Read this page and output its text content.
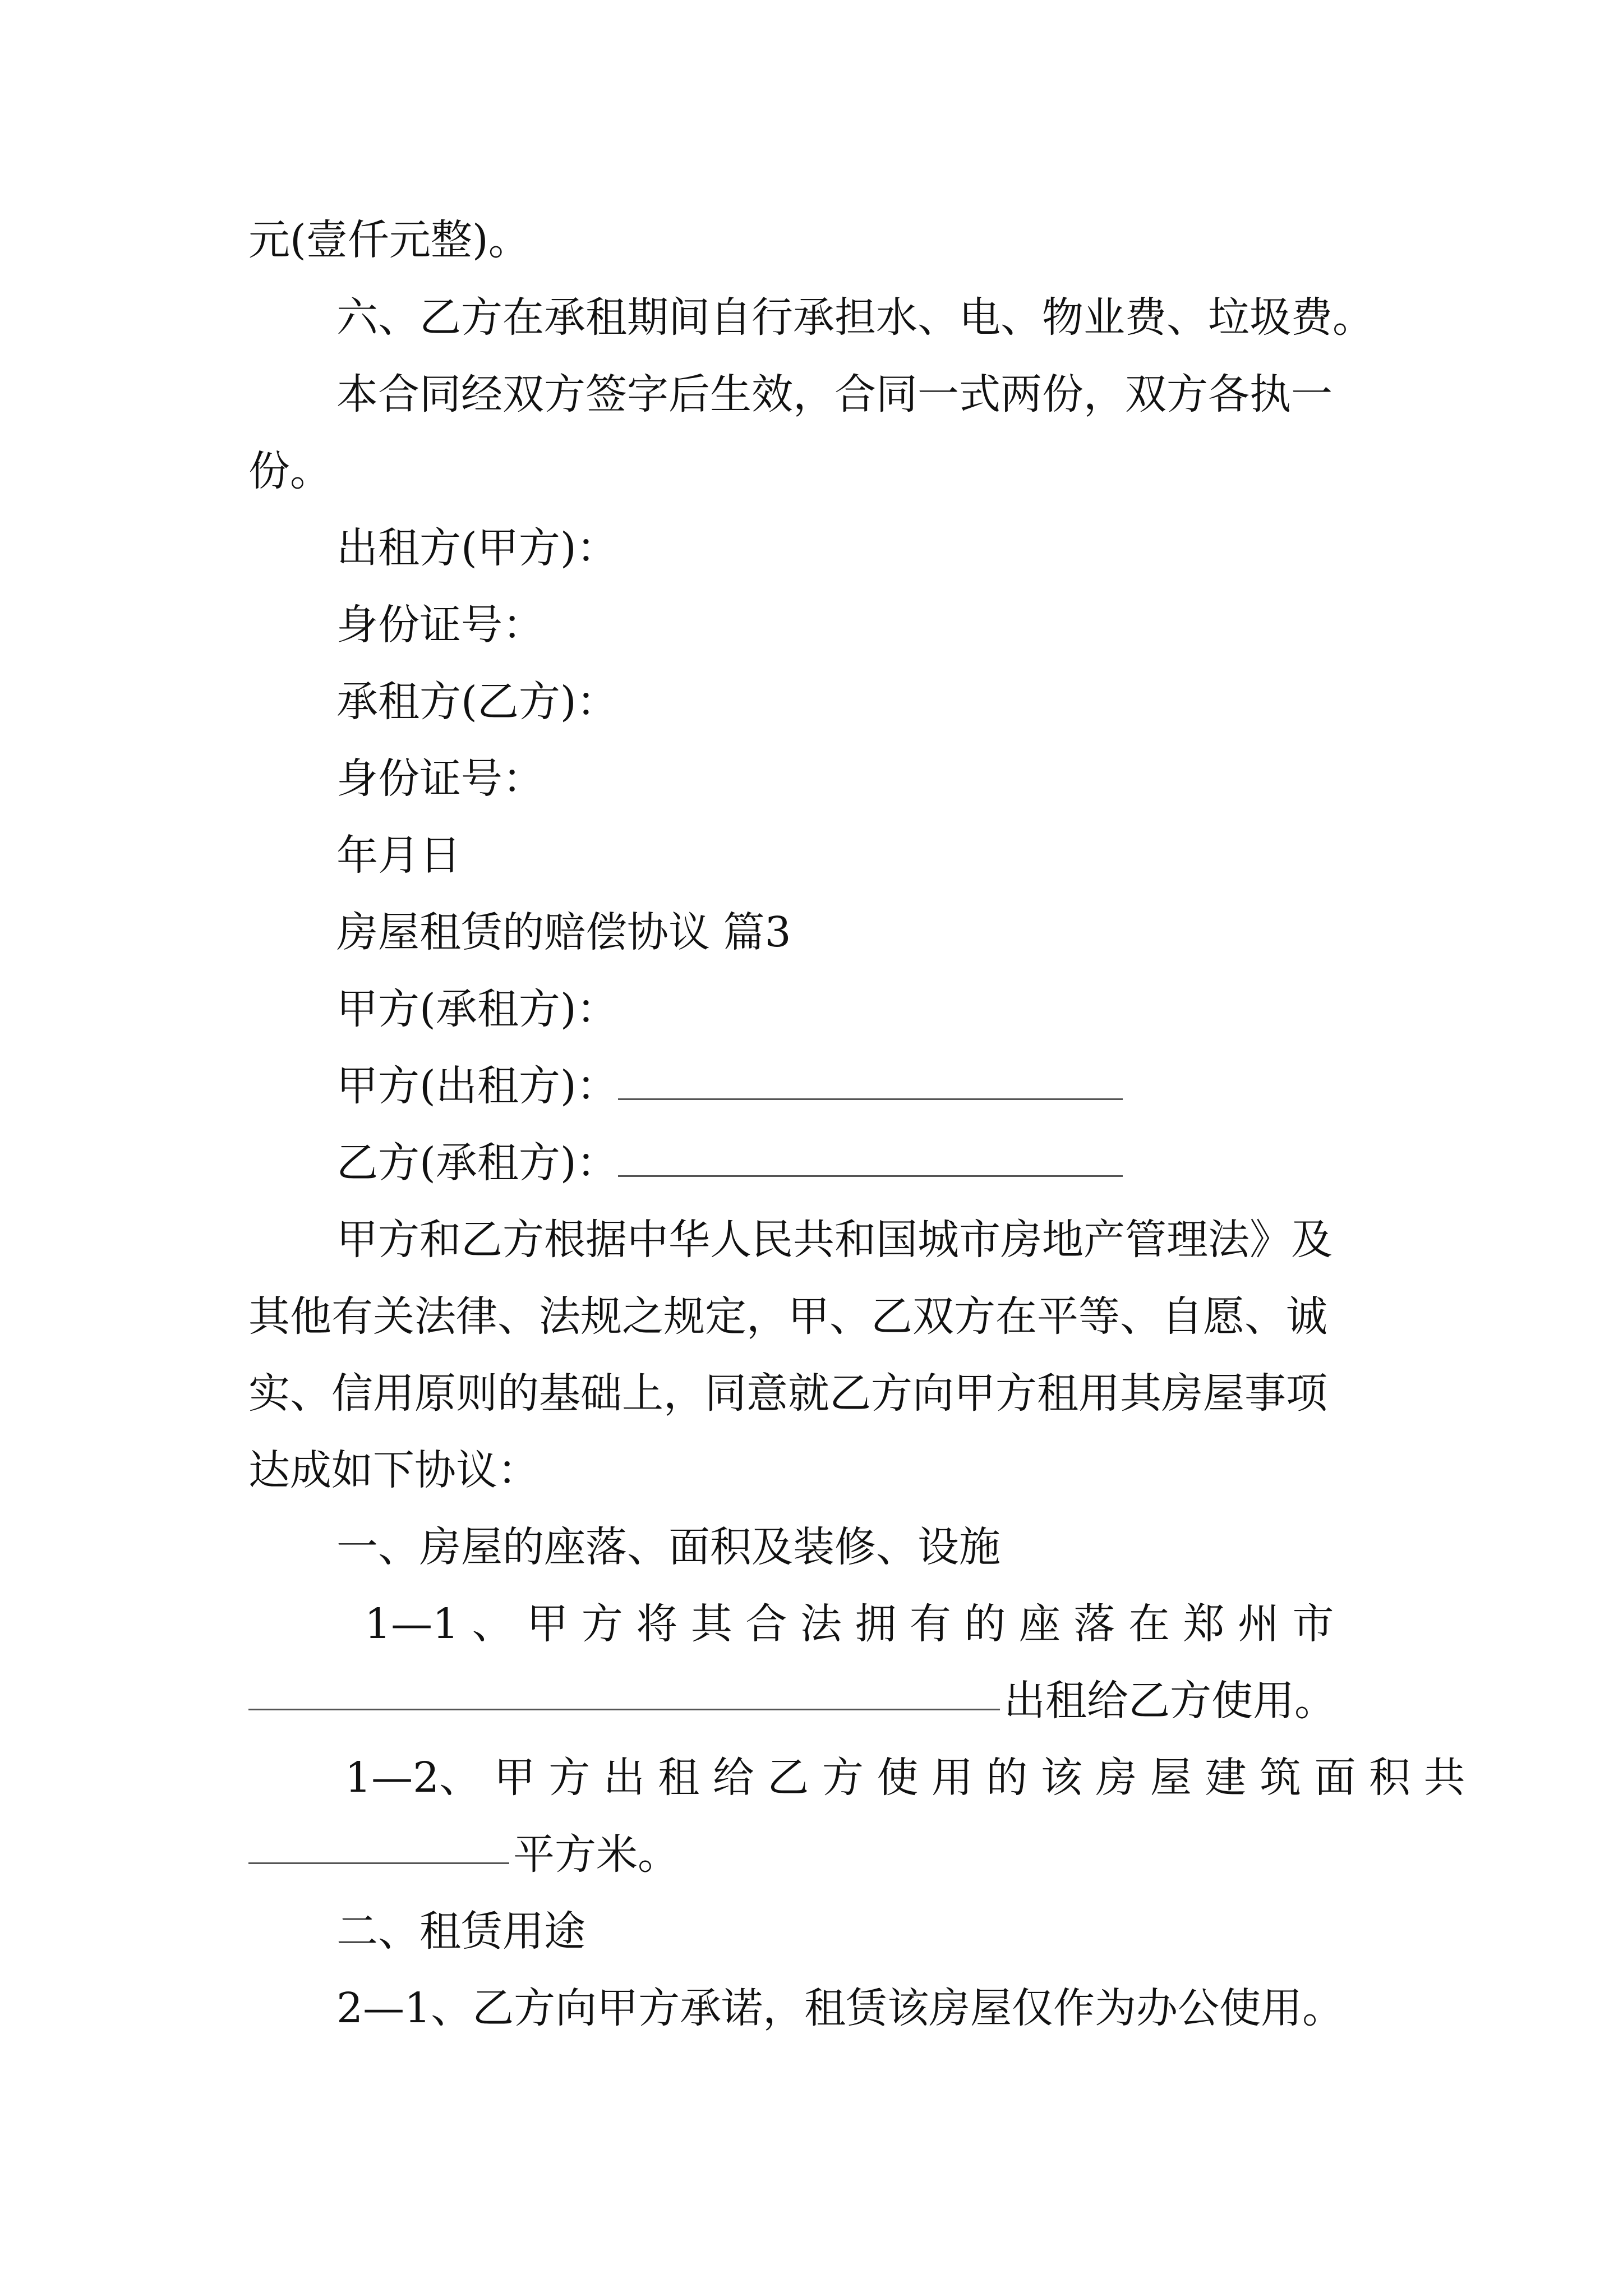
元(壹仟元整)。
六、乙方在承租期间自行承担水、电、物业费、垃圾费。
本合同经双方签字后生效，合同一式两份，双方各执一
份。
出租方(甲方)：
身份证号：
承租方(乙方)：
身份证号：
年月日
房屋租赁的赔偿协议 篇3
甲方(承租方)：
甲方(出租方)：
乙方(承租方)：
甲方和乙方根据中华人民共和国城市房地产管理法》及
其他有关法律、法规之规定，甲、乙双方在平等、自愿、诚
实、信用原则的基础上，同意就乙方向甲方租用其房屋事项
达成如下协议：
一、房屋的座落、面积及装修、设施
1—1 、 甲 方 将 其 合 法 拥 有 的 座 落 在 郑 州 市
出租给乙方使用。
1—2、 甲 方 出 租 给 乙 方 使 用 的 该 房 屋 建 筑 面 积 共
平方米。
二、租赁用途
2—1、乙方向甲方承诺，租赁该房屋仅作为办公使用。
